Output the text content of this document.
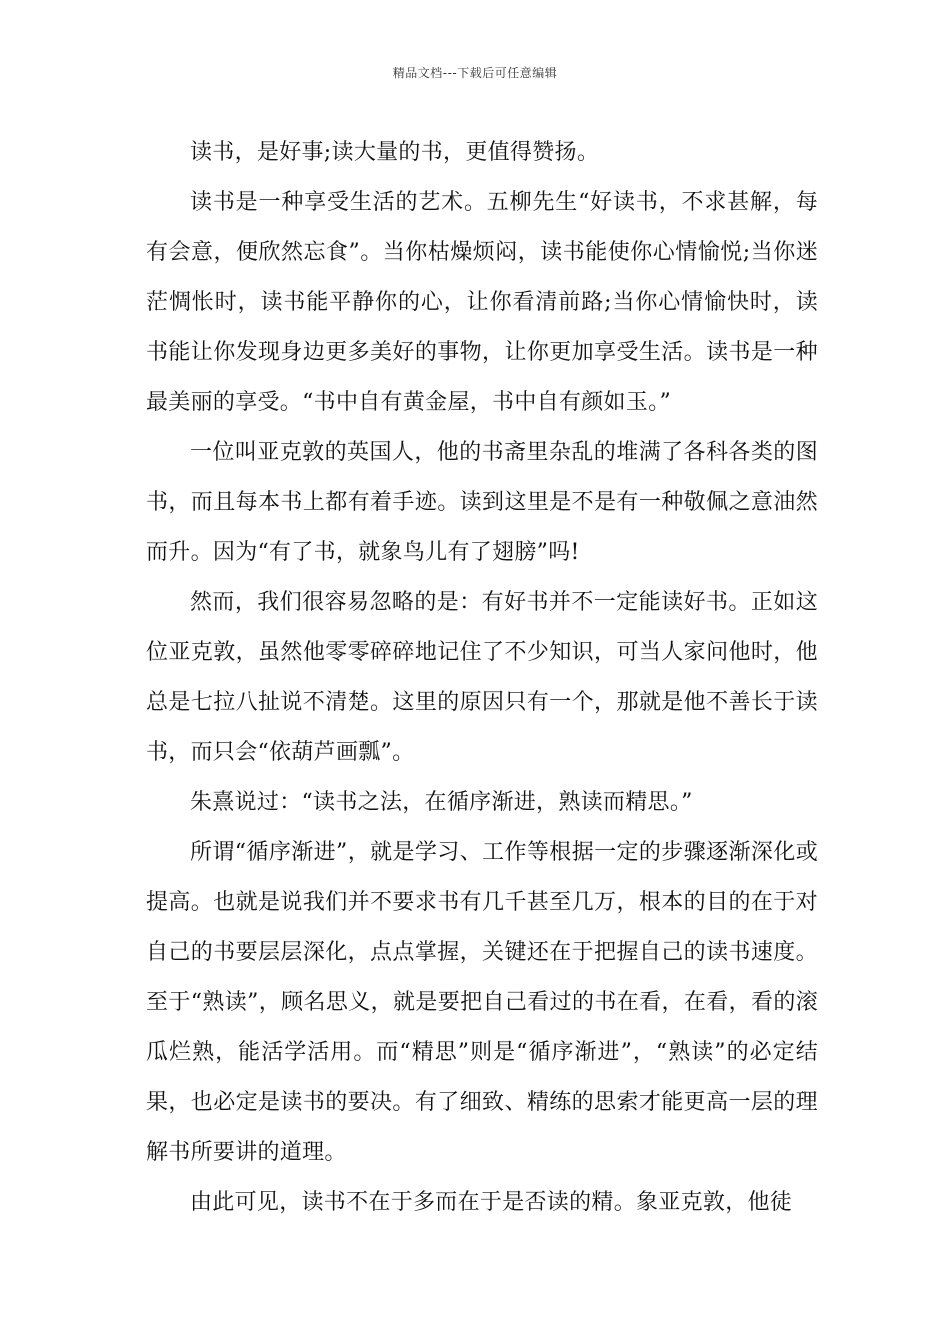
精品文档---下载后可任意编辑

读书，是好事;读大量的书，更值得赞扬。

读书是一种享受生活的艺术。五柳先生“好读书，不求甚解，每有会意，便欣然忘食”。当你枯燥烦闷，读书能使你心情愉悦;当你迷茫惆怅时，读书能平静你的心，让你看清前路;当你心情愉快时，读书能让你发现身边更多美好的事物，让你更加享受生活。读书是一种最美丽的享受。“书中自有黄金屋，书中自有颜如玉。”

一位叫亚克敦的英国人，他的书斋里杂乱的堆满了各科各类的图书，而且每本书上都有着手迹。读到这里是不是有一种敬佩之意油然而升。因为“有了书，就象鸟儿有了翅膀”吗!

然而，我们很容易忽略的是：有好书并不一定能读好书。正如这位亚克敦，虽然他零零碎碎地记住了不少知识，可当人家问他时，他总是七拉八扯说不清楚。这里的原因只有一个，那就是他不善长于读书，而只会“依葫芦画瓢”。

朱熹说过：“读书之法，在循序渐进，熟读而精思。”

所谓“循序渐进”，就是学习、工作等根据一定的步骤逐渐深化或提高。也就是说我们并不要求书有几千甚至几万，根本的目的在于对自己的书要层层深化，点点掌握，关键还在于把握自己的读书速度。至于“熟读”，顾名思义，就是要把自己看过的书在看，在看，看的滚瓜烂熟，能活学活用。而“精思”则是“循序渐进”，“熟读”的必定结果，也必定是读书的要决。有了细致、精练的思索才能更高一层的理解书所要讲的道理。

由此可见，读书不在于多而在于是否读的精。象亚克敦，他徒
